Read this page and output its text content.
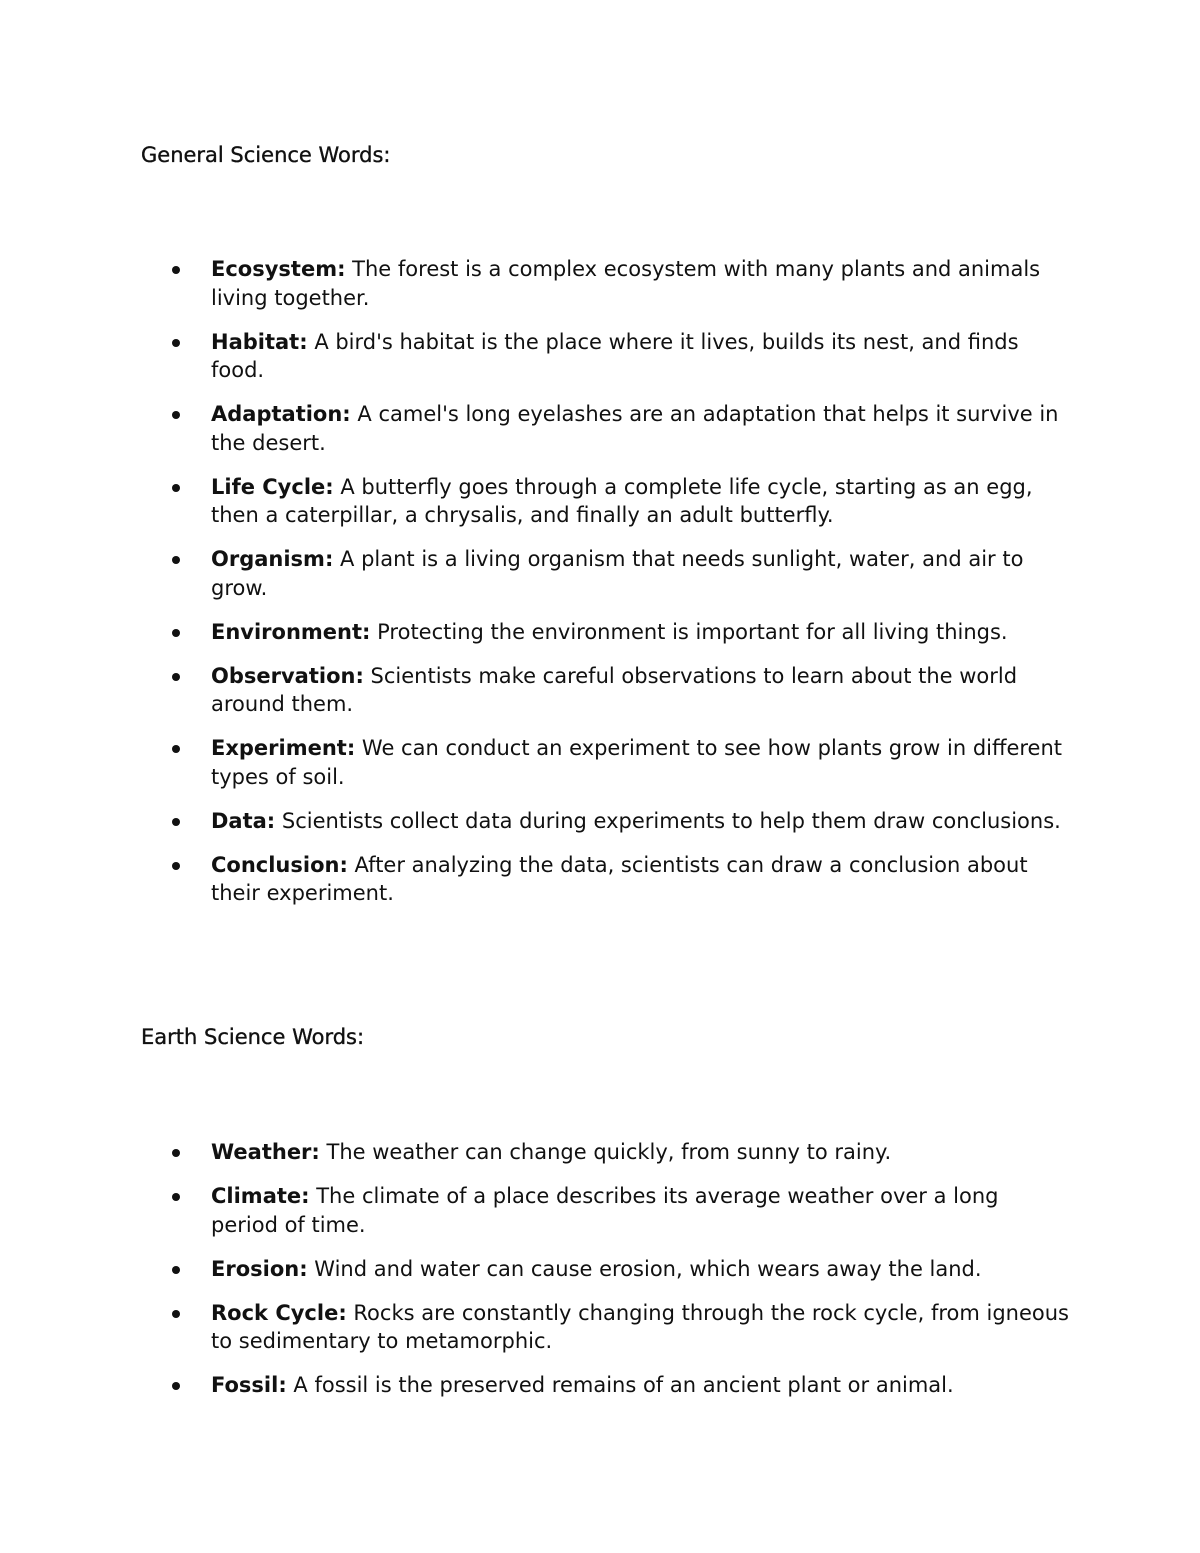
General Science Words:
Ecosystem: The forest is a complex ecosystem with many plants and animals living together.
Habitat: A bird's habitat is the place where it lives, builds its nest, and finds food.
Adaptation: A camel's long eyelashes are an adaptation that helps it survive in the desert.
Life Cycle: A butterfly goes through a complete life cycle, starting as an egg, then a caterpillar, a chrysalis, and finally an adult butterfly.
Organism: A plant is a living organism that needs sunlight, water, and air to grow.
Environment: Protecting the environment is important for all living things.
Observation: Scientists make careful observations to learn about the world around them.
Experiment: We can conduct an experiment to see how plants grow in different types of soil.
Data: Scientists collect data during experiments to help them draw conclusions.
Conclusion: After analyzing the data, scientists can draw a conclusion about their experiment.
Earth Science Words:
Weather: The weather can change quickly, from sunny to rainy.
Climate: The climate of a place describes its average weather over a long period of time.
Erosion: Wind and water can cause erosion, which wears away the land.
Rock Cycle: Rocks are constantly changing through the rock cycle, from igneous to sedimentary to metamorphic.
Fossil: A fossil is the preserved remains of an ancient plant or animal.
